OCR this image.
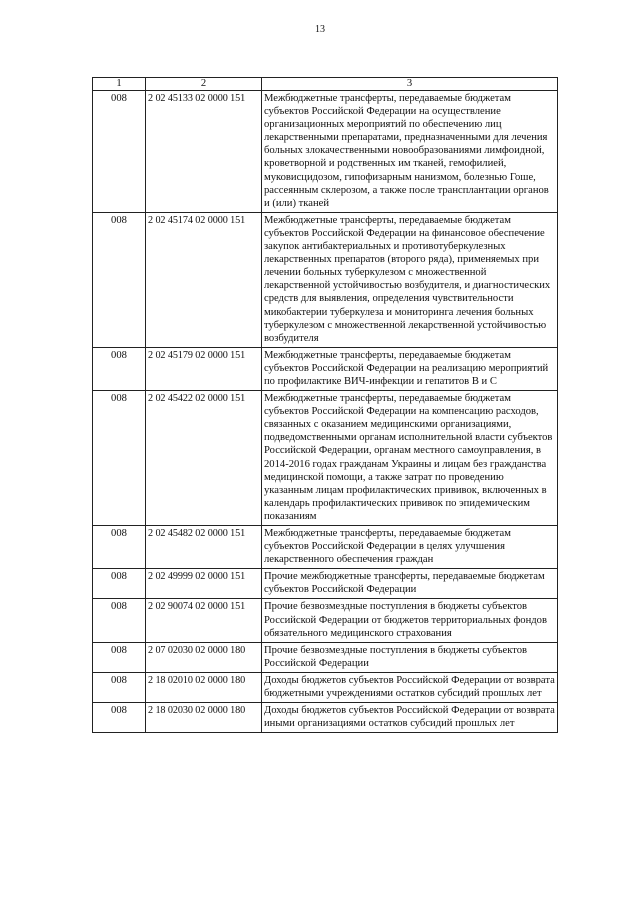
13
1	2	3
008	2 02 45133 02 0000 151	Межбюджетные трансферты, передаваемые бюджетам субъектов Российской Федерации на осуществление организационных мероприятий по обеспечению лиц лекарственными препаратами, предназначенными для лечения больных злокачественными новообразованиями лимфоидной, кроветворной и родственных им тканей, гемофилией, муковисцидозом, гипофизарным нанизмом, болезнью Гоше, рассеянным склерозом, а также после трансплантации органов и (или) тканей
008	2 02 45174 02 0000 151	Межбюджетные трансферты, передаваемые бюджетам субъектов Российской Федерации на финансовое обеспечение закупок антибактериальных и противотуберкулезных лекарственных препаратов (второго ряда), применяемых при лечении больных туберкулезом с множественной лекарственной устойчивостью возбудителя, и диагностических средств для выявления, определения чувствительности микобактерии туберкулеза и мониторинга лечения больных туберкулезом с множественной лекарственной устойчивостью возбудителя
008	2 02 45179 02 0000 151	Межбюджетные трансферты, передаваемые бюджетам субъектов Российской Федерации на реализацию мероприятий по профилактике ВИЧ-инфекции и гепатитов В и С
008	2 02 45422 02 0000 151	Межбюджетные трансферты, передаваемые бюджетам субъектов Российской Федерации на компенсацию расходов, связанных с оказанием медицинскими организациями, подведомственными органам исполнительной власти субъектов Российской Федерации, органам местного самоуправления, в 2014-2016 годах гражданам Украины и лицам без гражданства медицинской помощи, а также затрат по проведению указанным лицам профилактических прививок, включенных в календарь профилактических прививок по эпидемическим показаниям
008	2 02 45482 02 0000 151	Межбюджетные трансферты, передаваемые бюджетам субъектов Российской Федерации в целях улучшения лекарственного обеспечения граждан
008	2 02 49999 02 0000 151	Прочие межбюджетные трансферты, передаваемые бюджетам субъектов Российской Федерации
008	2 02 90074 02 0000 151	Прочие безвозмездные поступления в бюджеты субъектов Российской Федерации от бюджетов территориальных фондов обязательного медицинского страхования
008	2 07 02030 02 0000 180	Прочие безвозмездные поступления в бюджеты субъектов Российской Федерации
008	2 18 02010 02 0000 180	Доходы бюджетов субъектов Российской Федерации от возврата бюджетными учреждениями остатков субсидий прошлых лет
008	2 18 02030 02 0000 180	Доходы бюджетов субъектов Российской Федерации от возврата иными организациями остатков субсидий прошлых лет
